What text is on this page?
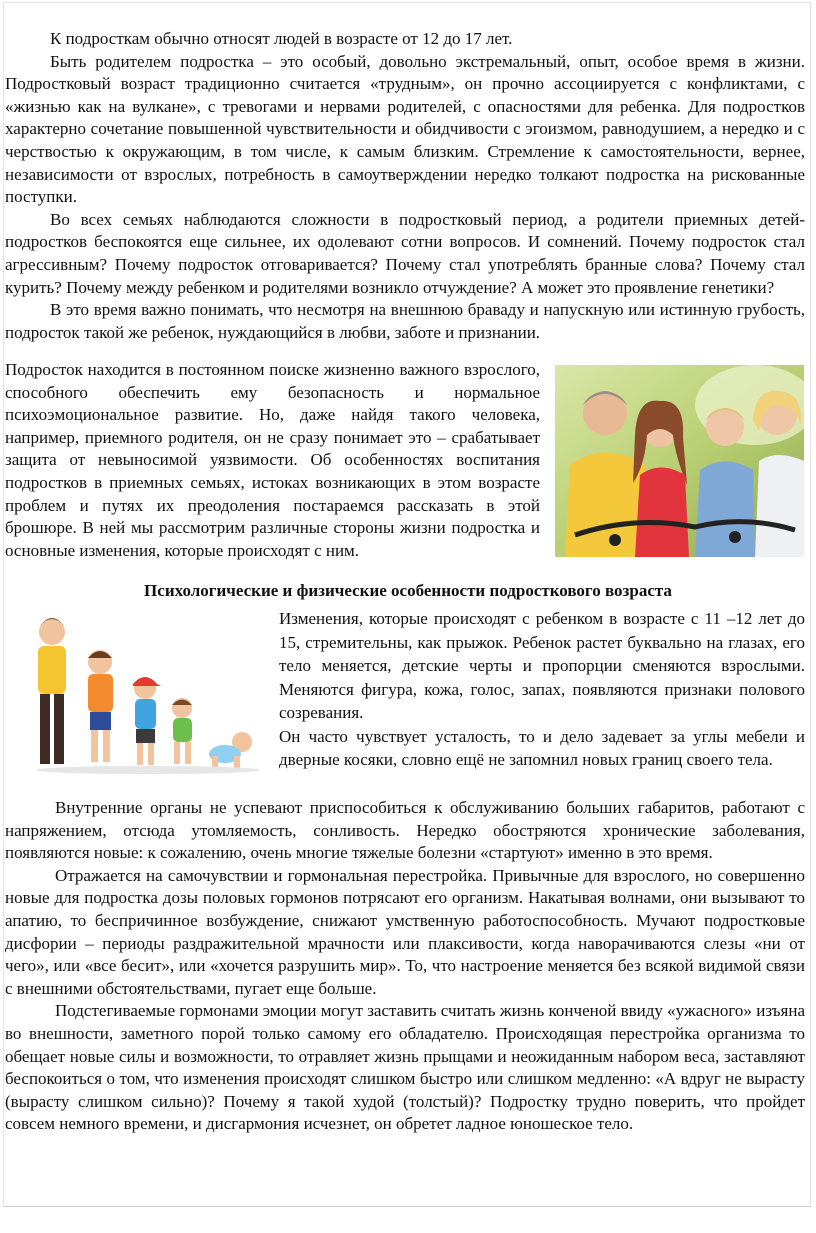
К подросткам обычно относят людей в возрасте от 12 до 17 лет.

Быть родителем подростка – это особый, довольно экстремальный, опыт, особое время в жизни. Подростковый возраст традиционно считается «трудным», он прочно ассоциируется с конфликтами, с «жизнью как на вулкане», с тревогами и нервами родителей, с опасностями для ребенка. Для подростков характерно сочетание повышенной чувствительности и обидчивости с эгоизмом, равнодушием, а нередко и с черствостью к окружающим, в том числе, к самым близким. Стремление к самостоятельности, вернее, независимости от взрослых, потребность в самоутверждении нередко толкают подростка на рискованные поступки.

Во всех семьях наблюдаются сложности в подростковый период, а родители приемных детей-подростков беспокоятся еще сильнее, их одолевают сотни вопросов. И сомнений. Почему подросток стал агрессивным? Почему подросток отговаривается? Почему стал употреблять бранные слова? Почему стал курить? Почему между ребенком и родителями возникло отчуждение? А может это проявление генетики?

В это время важно понимать, что несмотря на внешнюю браваду и напускную или истинную грубость, подросток такой же ребенок, нуждающийся в любви, заботе и признании.

Подросток находится в постоянном поиске жизненно важного взрослого, способного обеспечить ему безопасность и нормальное психоэмоциональное развитие. Но, даже найдя такого человека, например, приемного родителя, он не сразу понимает это – срабатывает защита от невыносимой уязвимости. Об особенностях воспитания подростков в приемных семьях, истоках возникающих в этом возрасте проблем и путях их преодоления постараемся рассказать в этой брошюре. В ней мы рассмотрим различные стороны жизни подростка и основные изменения, которые происходят с ним.
Психологические и физические особенности подросткового возраста

Изменения, которые происходят с ребенком в возрасте с 11 –12 лет до 15, стремительны, как прыжок. Ребенок растет буквально на глазах, его тело меняется, детские черты и пропорции сменяются взрослыми. Меняются фигура, кожа, голос, запах, появляются признаки полового созревания.

Он часто чувствует усталость, то и дело задевает за углы мебели и дверные косяки, словно ещё не запомнил новых границ своего тела.

Внутренние органы не успевают приспособиться к обслуживанию больших габаритов, работают с напряжением, отсюда утомляемость, сонливость. Нередко обостряются хронические заболевания, появляются новые: к сожалению, очень многие тяжелые болезни «стартуют» именно в это время.

Отражается на самочувствии и гормональная перестройка. Привычные для взрослого, но совершенно новые для подростка дозы половых гормонов потрясают его организм. Накатывая волнами, они вызывают то апатию, то беспричинное возбуждение, снижают умственную работоспособность. Мучают подростковые дисфории – периоды раздражительной мрачности или плаксивости, когда наворачиваются слезы «ни от чего», или «все бесит», или «хочется разрушить мир». То, что настроение меняется без всякой видимой связи с внешними обстоятельствами, пугает еще больше.

Подстегиваемые гормонами эмоции могут заставить считать жизнь конченой ввиду «ужасного» изъяна во внешности, заметного порой только самому его обладателю. Происходящая перестройка организма то обещает новые силы и возможности, то отравляет жизнь прыщами и неожиданным набором веса, заставляют беспокоиться о том, что изменения происходят слишком быстро или слишком медленно: «А вдруг не вырасту (вырасту слишком сильно)? Почему я такой худой (толстый)? Подростку трудно поверить, что пройдет совсем немного времени, и дисгармония исчезнет, он обретет ладное юношеское тело.
